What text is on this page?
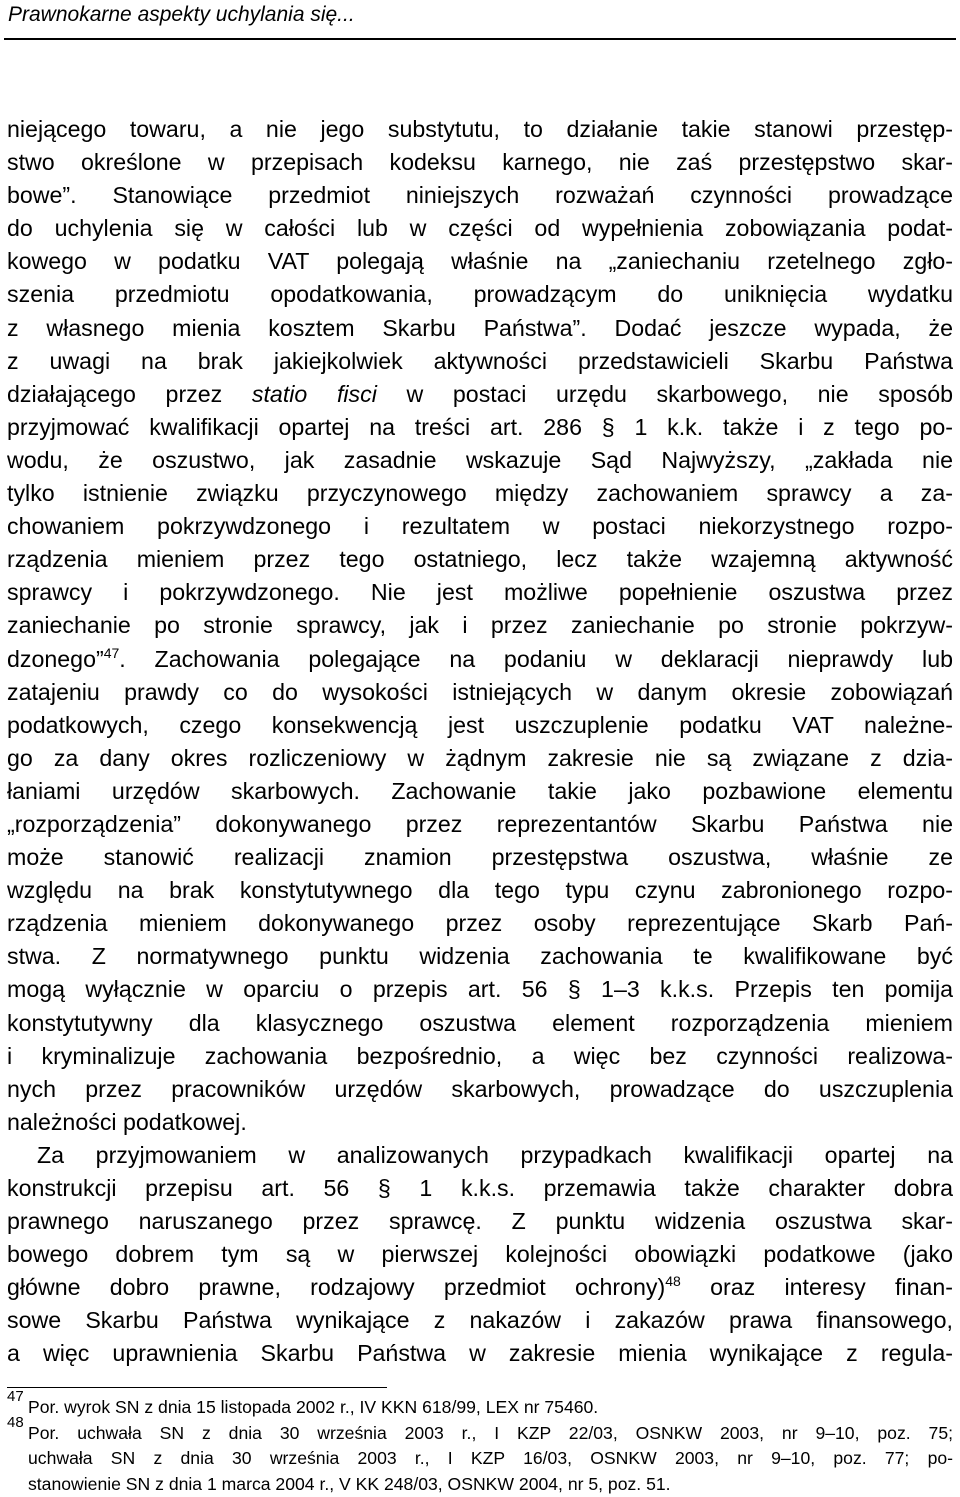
Prawnokarne aspekty uchylania się...
niejącego towaru, a nie jego substytutu, to działanie takie stanowi przestęp-
stwo określone w przepisach kodeksu karnego, nie zaś przestępstwo skar-
bowe”. Stanowiące przedmiot niniejszych rozważań czynności prowadzące
do uchylenia się w całości lub w części od wypełnienia zobowiązania podat-
kowego w podatku VAT polegają właśnie na „zaniechaniu rzetelnego zgło-
szenia przedmiotu opodatkowania, prowadzącym do uniknięcia wydatku
z własnego mienia kosztem Skarbu Państwa”. Dodać jeszcze wypada, że
z uwagi na brak jakiejkolwiek aktywności przedstawicieli Skarbu Państwa
działającego przez statio fisci w postaci urzędu skarbowego, nie sposób
przyjmować kwalifikacji opartej na treści art. 286 § 1 k.k. także i z tego po-
wodu, że oszustwo, jak zasadnie wskazuje Sąd Najwyższy, „zakłada nie
tylko istnienie związku przyczynowego między zachowaniem sprawcy a za-
chowaniem pokrzywdzonego i rezultatem w postaci niekorzystnego rozpo-
rządzenia mieniem przez tego ostatniego, lecz także wzajemną aktywność
sprawcy i pokrzywdzonego. Nie jest możliwe popełnienie oszustwa przez
zaniechanie po stronie sprawcy, jak i przez zaniechanie po stronie pokrzyw-
dzonego”$^{47}$. Zachowania polegające na podaniu w deklaracji nieprawdy lub
zatajeniu prawdy co do wysokości istniejących w danym okresie zobowiązań
podatkowych, czego konsekwencją jest uszczuplenie podatku VAT należne-
go za dany okres rozliczeniowy w żądnym zakresie nie są związane z dzia-
łaniami urzędów skarbowych. Zachowanie takie jako pozbawione elementu
„rozporządzenia” dokonywanego przez reprezentantów Skarbu Państwa nie
może stanowić realizacji znamion przestępstwa oszustwa, właśnie ze
względu na brak konstytutywnego dla tego typu czynu zabronionego rozpo-
rządzenia mieniem dokonywanego przez osoby reprezentujące Skarb Pań-
stwa. Z normatywnego punktu widzenia zachowania te kwalifikowane być
mogą wyłącznie w oparciu o przepis art. 56 § 1–3 k.k.s. Przepis ten pomija
konstytutywny dla klasycznego oszustwa element rozporządzenia mieniem
i kryminalizuje zachowania bezpośrednio, a więc bez czynności realizowa-
nych przez pracowników urzędów skarbowych, prowadzące do uszczuplenia
należności podatkowej.
Za przyjmowaniem w analizowanych przypadkach kwalifikacji opartej na
konstrukcji przepisu art. 56 § 1 k.k.s. przemawia także charakter dobra
prawnego naruszanego przez sprawcę. Z punktu widzenia oszustwa skar-
bowego dobrem tym są w pierwszej kolejności obowiązki podatkowe (jako
główne dobro prawne, rodzajowy przedmiot ochrony)$^{48}$ oraz interesy finan-
sowe Skarbu Państwa wynikające z nakazów i zakazów prawa finansowego,
a więc uprawnienia Skarbu Państwa w zakresie mienia wynikające z regula-
47
Por. wyrok SN z dnia 15 listopada 2002 r., IV KKN 618/99, LEX nr 75460.
48
Por. uchwała SN z dnia 30 września 2003 r., I KZP 22/03, OSNKW 2003, nr 9–10, poz. 75;
uchwała SN z dnia 30 września 2003 r., I KZP 16/03, OSNKW 2003, nr 9–10, poz. 77; po-
stanowienie SN z dnia 1 marca 2004 r., V KK 248/03, OSNKW 2004, nr 5, poz. 51.
